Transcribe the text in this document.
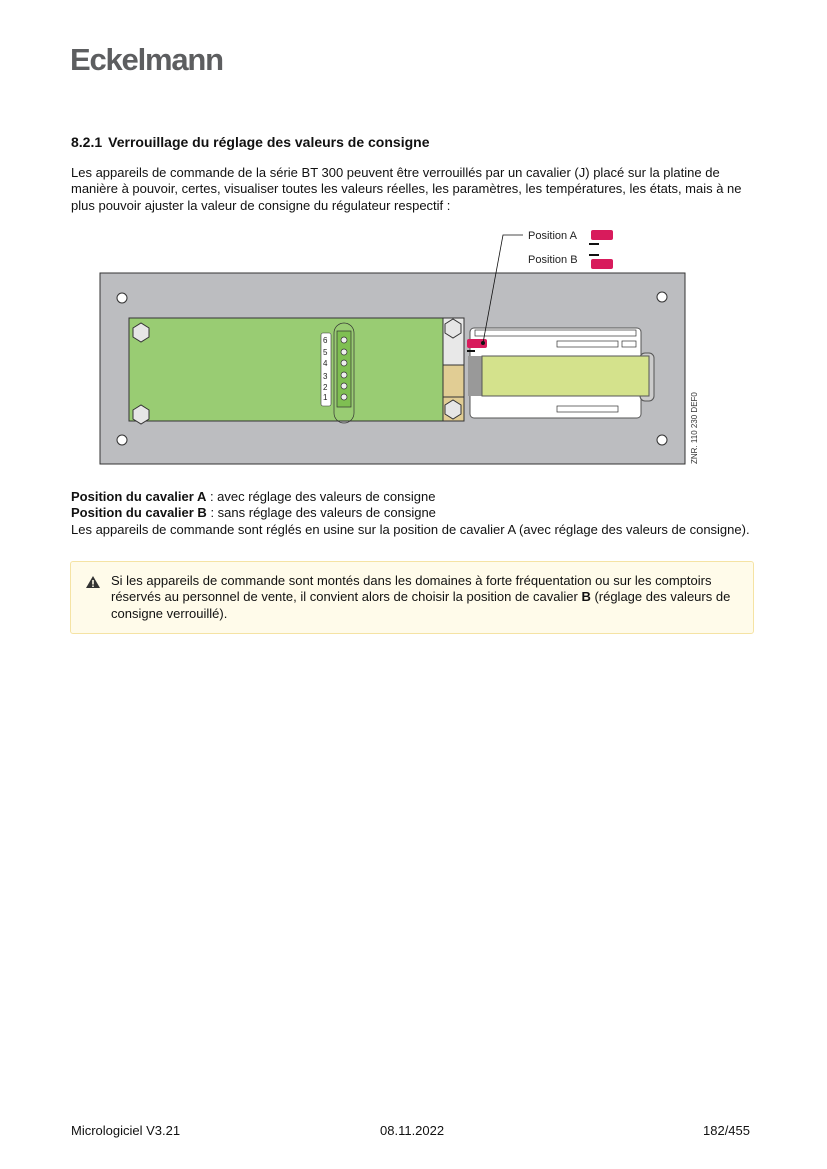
Eckelmann
8.2.1 Verrouillage du réglage des valeurs de consigne
Les appareils de commande de la série BT 300 peuvent être verrouillés par un cavalier (J) placé sur la platine de manière à pouvoir, certes, visualiser toutes les valeurs réelles, les paramètres, les températures, les états, mais à ne plus pouvoir ajuster la valeur de consigne du régulateur respectif :
6
5
4
3
2
1
Position A
Position B
ZNR. 110 230 DEF0
Position du cavalier A : avec réglage des valeurs de consigne
Position du cavalier B : sans réglage des valeurs de consigne
Les appareils de commande sont réglés en usine sur la position de cavalier A (avec réglage des valeurs de consigne).
Si les appareils de commande sont montés dans les domaines à forte fréquentation ou sur les comptoirs réservés au personnel de vente, il convient alors de choisir la position de cavalier B (réglage des valeurs de consigne verrouillé).
Micrologiciel V3.21	08.11.2022	182/455
